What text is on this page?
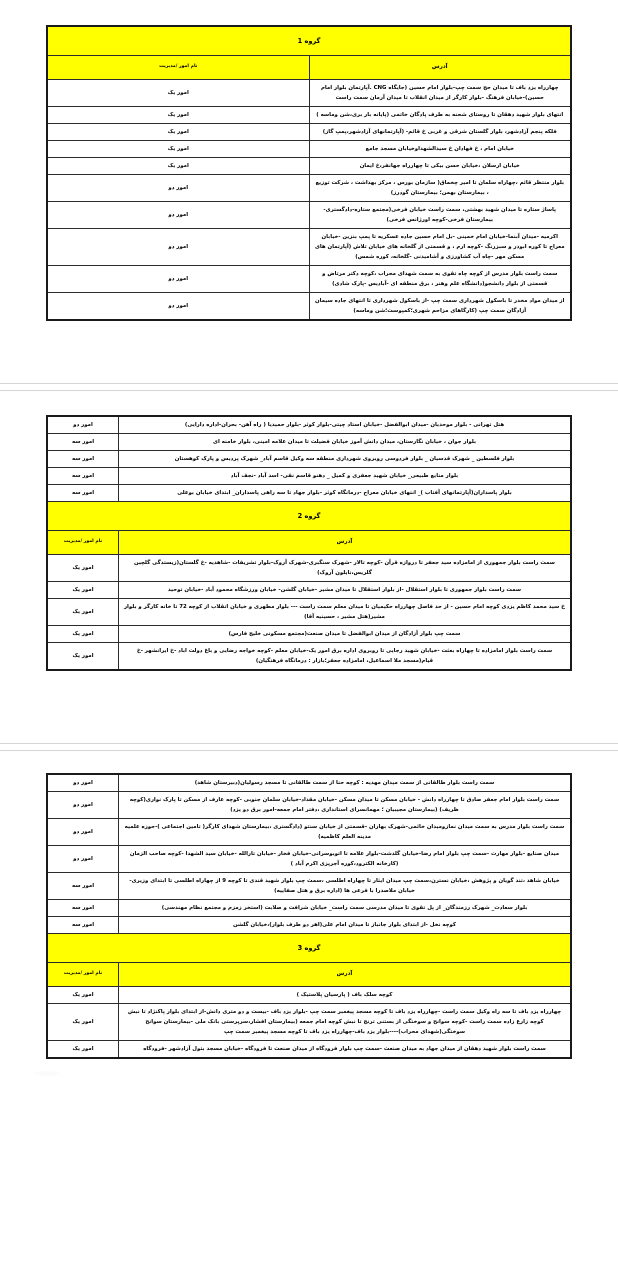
گروه 1	
آدرس	نام امور /مدیریت
چهارراه یزد باف تا میدان حج سمت چپ-بلوار امام حسین (جایگاه CNG .آپارتمان بلوار امام حسین)-خیابان فرهنگ -بلوار کارگر از میدان انقلاب تا میدان آرمان سمت راست	امور یک
انتهای بلوار شهید دهقان تا روستای شحنه به طرف پادگان خاتمی (پایانه بار بری،شن وماسه )	امور یک
فلکه پنجم آزادشهر، بلوار گلستان شرقی و غربی خ قائم- (آپارتمانهای آزادشهر،پمپ گاز)	امور یک
خیابان امام ، خ فهادان خ سیدالشهداوخیابان مسجد جامع	امور یک
خیابان ارسلان ،خیابان حسن بیکی تا چهارراه جهانفر،خ ایمان	امور یک
بلوار منتظر قائم ،چهاراه سلمان تا امیر چخماق( سازمان بورس ، مرکز بهداشت ، شرکت توزیع ، بیمارستان بهمن؛ بیمارستان گودرز)	امور دو
پاساژ ستاره تا میدان شهید بهشتی، سمت راست خیابان فرخی(مجتمع ستاره-دادگستری-بیمارستان فرخی-کوچه اورژانس فرخی)	امور دو
اکرمیه -میدان آبنما-خیابان امام خمینی -بل امام حسین جاده عسکریه تا پمپ بنزین -خیابان معراج تا کوره ابوذر و سبزرنگ -کوچه ارم ، و قسمتی از گلخانه های خیابان تلاش (آپارتمان های مسکن مهر -چاه آب کشاورزی و آشامیدنی -گلخانه، کوره شمس)	امور دو
سمت راست بلوار مدرس از کوچه چاه تقوی به سمت شهدای محراب ،کوچه دکتر مرتاض و قسمتی از بلوار دانشجو(دانشگاه علم وهنر ، برق منطقه ای -آبادیس -پارک شادی)	امور دو
از میدان مواد مخدر تا باسکول شهرداری سمت چپ -از باسکول شهرداری تا انتهای جاده سیمان آزادگان سمت چپ (کارگاهای مزاحم شهری؛کمپوست؛شن وماسه)	امور دو
هتل تهرانی - بلوار موحدیان -میدان ابوالفضل -خیابان استاد چیتی-بلوار کوثر -بلوار حمیدیا ( راه آهن- بحران-اداره دارایی)	امور دو
بلوار جوان ، خیابان نگارستان، میدان دانش آموز خیابان فضیلت تا میدان علامه امینی، بلوار خامنه ای	امور سه
بلوار فلسطین _ شهرک قدسیان _ بلوار فردوسی روبروی شهرداری منطقه سه وکیل قاسم آباد_ شهرک پردیس و پارک کوهستان	امور سه
بلوار منابع طبیعی_ خیابان شهید جعفری و کمیل _ دهنو قاسم نقی- اسد آباد -نجف آباد	امور سه
بلوار پاسداران(آپارتمانهای آفتاب )_ انتهای خیابان معراج -درمانگاه کوثر -بلوار جهاد تا سه راهی پاسداران_ ابتدای خیابان بوعلی	امور سه
گروه 2	
آدرس	نام امور /مدیریت
سمت راست بلوار جمهوری از امامزاده سید جعفر تا دروازه قرآن -کوچه تالار -شهرک سنگبری-شهرک آروک-بلوار تشریفات -شاهدیه -خ گلستان(زیستدگی گلچین گلریس،نایلون آروک)	امور یک
سمت راست بلوار جمهوری تا بلوار استقلال -از بلوار استقلال تا میدان مشیر -خیابان گلشن- خیابان ورزشگاه محمود آباد -خیابان توحید	امور یک
خ سید محمد کاظم یزدی کوچه امام حسین - از حد فاصل چهارراه حکیمیان تا میدان معلم سمت راست --- بلوار مطهری و خیابان انقلاب از کوچه 72 تا خانه کارگر و بلوار مشیر(هتل مشیر ، حسینیه آقا)	امور یک
سمت چپ بلوار آزادگان از میدان ابوالفضل تا میدان صنعت(مجتمع مسکونی خلیج فارس)	امور یک
سمت راست بلوار امامزاده تا چهاراه بعثت -خیابان شهید رجایی تا روبروی اداره برق امور یک-خیابان معلم -کوچه خواجه رضایی و باغ دولت اباد -خ ایرانشهر -خ قیام(مسجد ملا اسماعیل، امامزاده جعفر؛بازار : درمانگاه فرهنگیان)	امور یک
سمت راست بلوار طالقانی از سمت میدان مهدیه : کوچه حنا از سمت طالقانی تا مسجد رسولیان(دبیرستان شاهد)	امور دو
سمت راست بلوار امام جعفر صادق تا چهارراه دانش - خیابان مسکن تا میدان مسکن -خیابان مقداد-خیابان سلمان جنوبی -کوچه عارف از مسکن تا پارک نواری(کوچه ظریف) (بیمارستان مجیبیان ؛ مهمانسرای استانداری ،دفتر امام جمعه-امور برق دو یزد)	امور دو
سمت راست بلوار مدرس به سمت میدان نمازومیدان خائمی-شهرک بهاران -قسمتی از خیابان سنتو (دادگستری ،بیمارستان شهدای کارگر( تامین اجتماعی )-حوزه علمیه مدینه العلم کاظمیه)	امور دو
میدان صنایع -بلوار مهارت -سمت چپ بلوار امام رضا-خیابان گلدشت-بلوار علامه تا اتوبوسرانی-خیابان فخار -خیابان تارالله -خیابان سید الشهدا -کوچه صاحب الزمان (کارخانه الکترود،کوره آجرپزی اکرم آباد )	امور دو
خیابان شاهد ،تند گویان و پژوهش ،خیابان نسترن،سمت چپ میدان ایثار تا چهاراه اطلسی ،سمت چپ بلوار شهید قندی تا کوچه 9 از چهاراه اطلسی تا ابتدای وزیری-خیابان ملاصدرا با فرعی ها (اداره برق و هتل صفاییه)	امور سه
بلوار سعادت_ شهرک رزمندگان_ از پل تقوی تا میدان مدرسی سمت راست_ خیابان شرافت و صلابت (استخر زمزم و مجتمع نظام مهندسی)	امور سه
کوچه نخل -از ابتدای بلوار جانباز تا میدان امام علی(اهر دو طرف بلوار)،خیابان گلشن	امور سه
گروه 3	
آدرس	نام امور /مدیریت
کوچه سلک باف ( پارسیان پلاستیک )	امور یک
چهارراه یزد باف تا سه راه وکیل سمت راست -چهارراه یزد باف تا کوچه مسجد پیغمبر سمت چپ -بلوار یزد باف -بیست و دو متری دانش-از ابتدای بلوار پاکنژاد تا نبش کوچه زارع زاده سمت راست -کوچه سوانح و سوختگی از بستنی ترنج تا نبش کوچه امام جمعه (بیمارستان افشار،سرپرستی بانک ملی -بیمارستان سوانح سوختگی(شهدای محراب)----بلوار یزد باف-چهارراه یزد باف تا کوچه مسجد پیغمبر سمت چپ	امور یک
سمت راست بلوار شهید دهقان از میدان جهاد به میدان صنعت -سمت چپ بلوار فرودگاه از میدان صنعت تا فرودگاه -خیابان مسجد بتول آزادشهر -فرودگاه	امور یک
